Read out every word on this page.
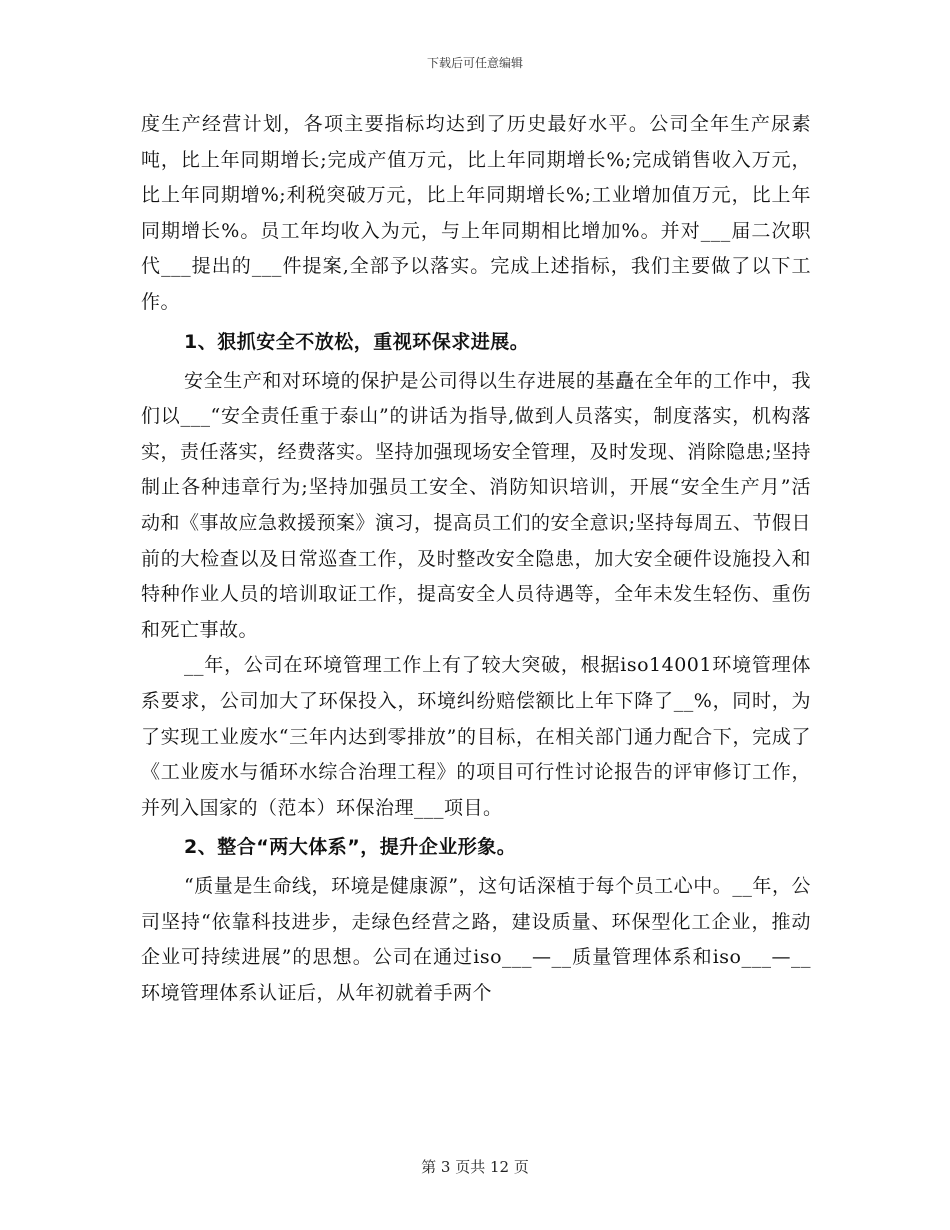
下载后可任意编辑

度生产经营计划，各项主要指标均达到了历史最好水平。公司全年生产尿素吨，比上年同期增长;完成产值万元，比上年同期增长%;完成销售收入万元，比上年同期增%;利税突破万元，比上年同期增长%;工业增加值万元，比上年同期增长%。员工年均收入为元，与上年同期相比增加%。并对___届二次职代___提出的___件提案,全部予以落实。完成上述指标，我们主要做了以下工作。

1、狠抓安全不放松，重视环保求进展。

安全生产和对环境的保护是公司得以生存进展的基矗在全年的工作中，我们以___“安全责任重于泰山”的讲话为指导,做到人员落实，制度落实，机构落实，责任落实，经费落实。坚持加强现场安全管理，及时发现、消除隐患;坚持制止各种违章行为;坚持加强员工安全、消防知识培训，开展“安全生产月”活动和《事故应急救援预案》演习，提高员工们的安全意识;坚持每周五、节假日前的大检查以及日常巡查工作，及时整改安全隐患，加大安全硬件设施投入和特种作业人员的培训取证工作，提高安全人员待遇等，全年未发生轻伤、重伤和死亡事故。

__年，公司在环境管理工作上有了较大突破，根据iso14001环境管理体系要求，公司加大了环保投入，环境纠纷赔偿额比上年下降了__%，同时，为了实现工业废水“三年内达到零排放”的目标，在相关部门通力配合下，完成了《工业废水与循环水综合治理工程》的项目可行性讨论报告的评审修订工作，并列入国家的（范本）环保治理___项目。

2、整合“两大体系”，提升企业形象。

“质量是生命线，环境是健康源”，这句话深植于每个员工心中。__年，公司坚持“依靠科技进步，走绿色经营之路，建设质量、环保型化工企业，推动企业可持续进展”的思想。公司在通过iso___—__质量管理体系和iso___—__环境管理体系认证后，从年初就着手两个

第 3 页共 12 页
